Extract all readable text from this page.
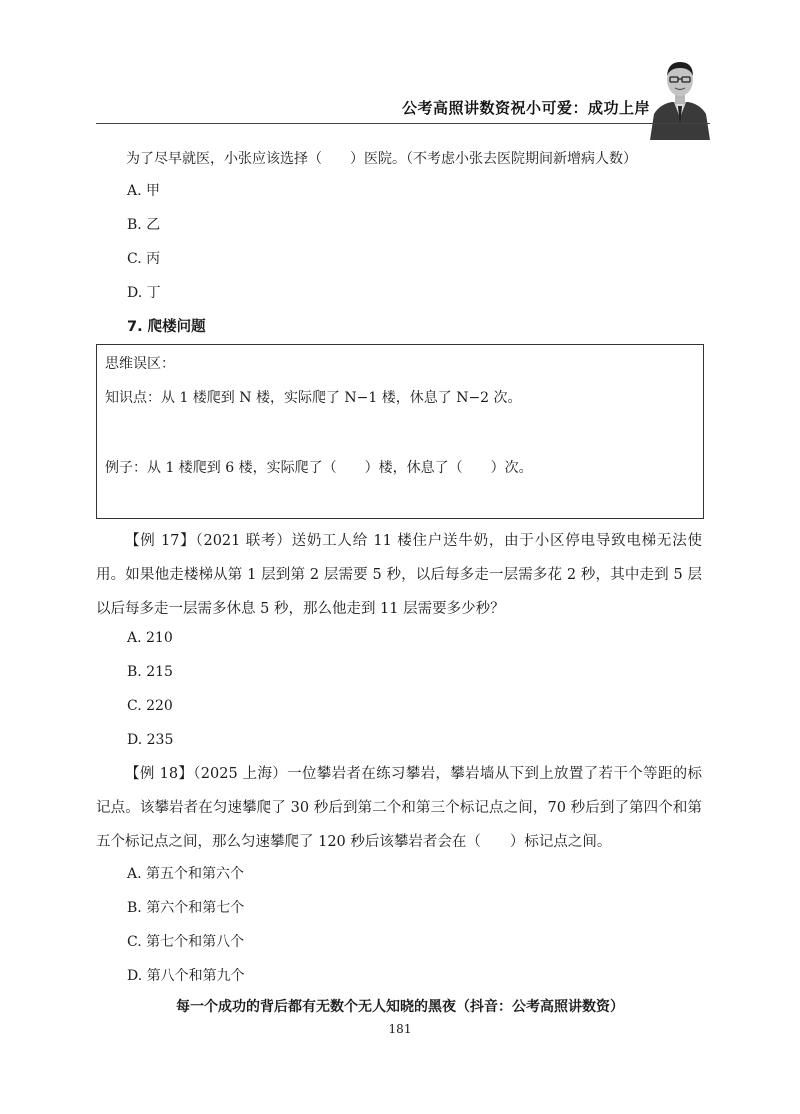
公考高照讲数资祝小可爱：成功上岸
为了尽早就医，小张应该选择（　　）医院。（不考虑小张去医院期间新增病人数）
A. 甲
B. 乙
C. 丙
D. 丁
7. 爬楼问题
思维误区：
知识点：从 1 楼爬到 N 楼，实际爬了 N−1 楼，休息了 N−2 次。
例子：从 1 楼爬到 6 楼，实际爬了（　　）楼，休息了（　　）次。
【例 17】（2021 联考）送奶工人给 11 楼住户送牛奶，由于小区停电导致电梯无法使用。如果他走楼梯从第 1 层到第 2 层需要 5 秒，以后每多走一层需多花 2 秒，其中走到 5 层以后每多走一层需多休息 5 秒，那么他走到 11 层需要多少秒？
A. 210
B. 215
C. 220
D. 235
【例 18】（2025 上海）一位攀岩者在练习攀岩，攀岩墙从下到上放置了若干个等距的标记点。该攀岩者在匀速攀爬了 30 秒后到第二个和第三个标记点之间，70 秒后到了第四个和第五个标记点之间，那么匀速攀爬了 120 秒后该攀岩者会在（　　）标记点之间。
A. 第五个和第六个
B. 第六个和第七个
C. 第七个和第八个
D. 第八个和第九个
每一个成功的背后都有无数个无人知晓的黑夜（抖音：公考高照讲数资）
181
